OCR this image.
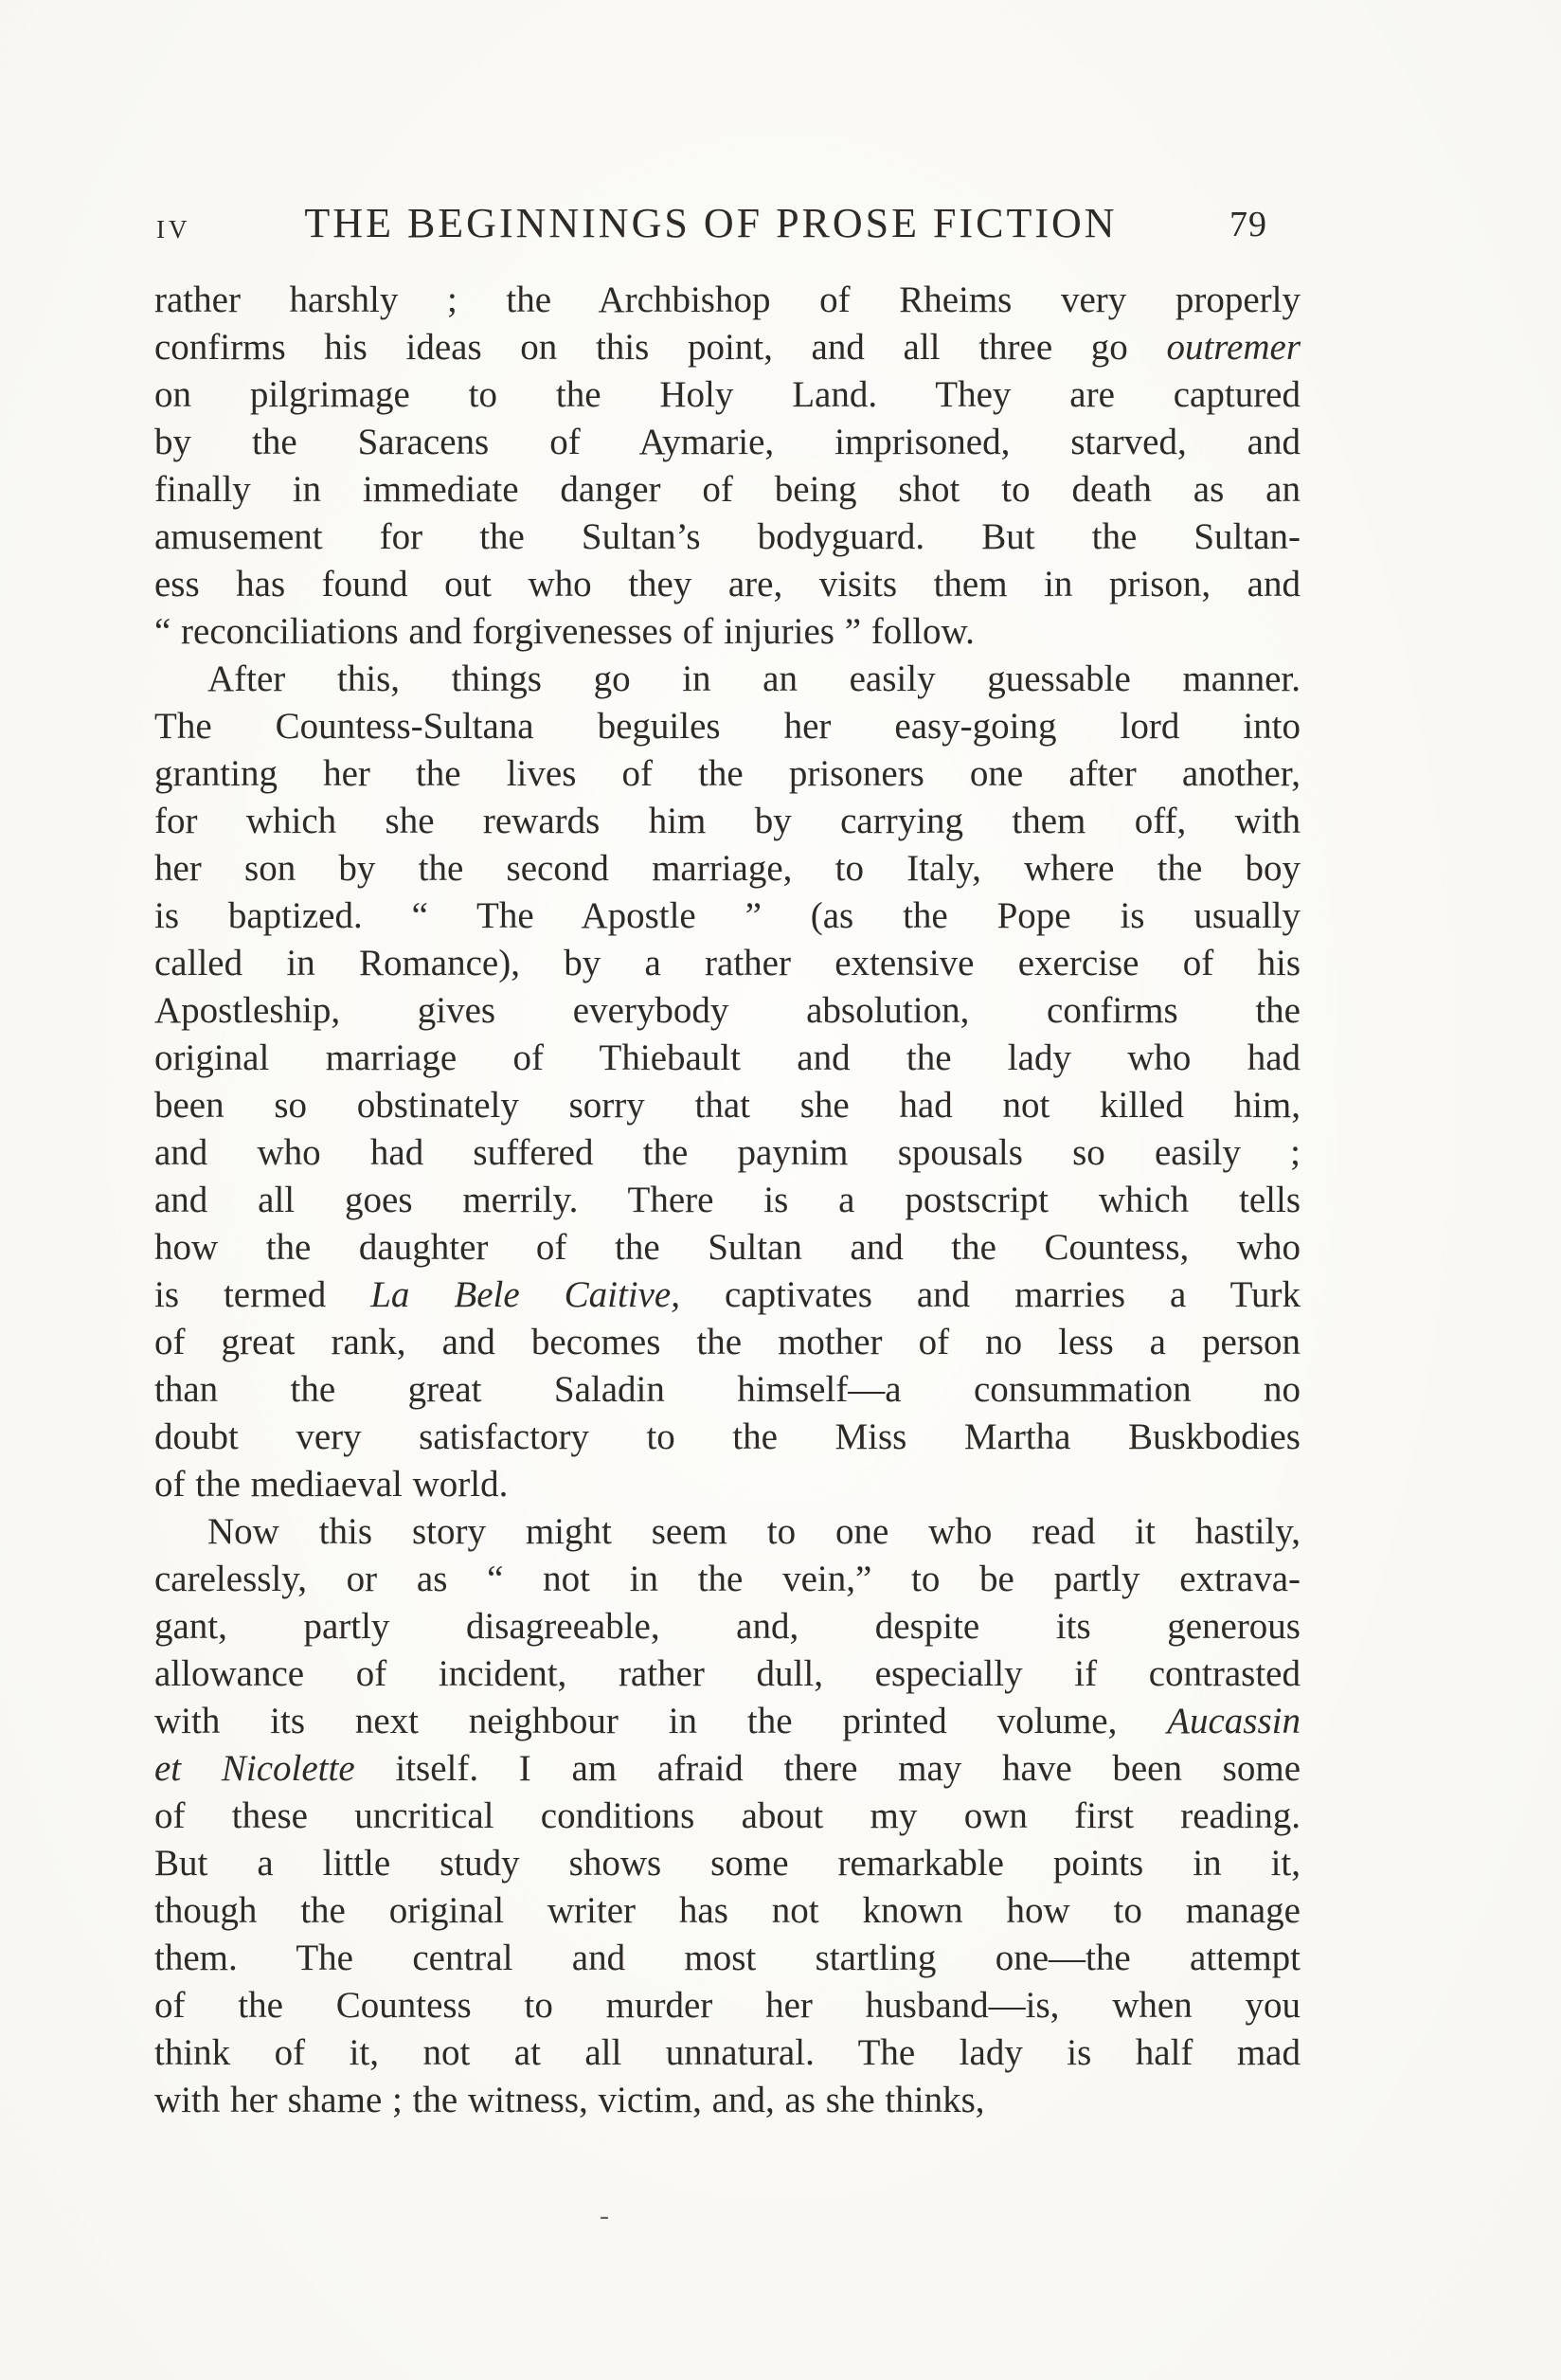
IV	THE BEGINNINGS OF PROSE FICTION	79
rather harshly ; the Archbishop of Rheims very properly
confirms his ideas on this point, and all three go outremer
on pilgrimage to the Holy Land. They are captured
by the Saracens of Aymarie, imprisoned, starved, and
finally in immediate danger of being shot to death as an
amusement for the Sultan’s bodyguard. But the Sultan-
ess has found out who they are, visits them in prison, and
“ reconciliations and forgivenesses of injuries ” follow.
After this, things go in an easily guessable manner.
The Countess-Sultana beguiles her easy-going lord into
granting her the lives of the prisoners one after another,
for which she rewards him by carrying them off, with
her son by the second marriage, to Italy, where the boy
is baptized. “ The Apostle ” (as the Pope is usually
called in Romance), by a rather extensive exercise of his
Apostleship, gives everybody absolution, confirms the
original marriage of Thiebault and the lady who had
been so obstinately sorry that she had not killed him,
and who had suffered the paynim spousals so easily ;
and all goes merrily. There is a postscript which tells
how the daughter of the Sultan and the Countess, who
is termed La Bele Caitive, captivates and marries a Turk
of great rank, and becomes the mother of no less a person
than the great Saladin himself—a consummation no
doubt very satisfactory to the Miss Martha Buskbodies
of the mediaeval world.
Now this story might seem to one who read it hastily,
carelessly, or as “ not in the vein,” to be partly extrava-
gant, partly disagreeable, and, despite its generous
allowance of incident, rather dull, especially if contrasted
with its next neighbour in the printed volume, Aucassin
et Nicolette itself. I am afraid there may have been some
of these uncritical conditions about my own first reading.
But a little study shows some remarkable points in it,
though the original writer has not known how to manage
them. The central and most startling one—the attempt
of the Countess to murder her husband—is, when you
think of it, not at all unnatural. The lady is half mad
with her shame ; the witness, victim, and, as she thinks,
-
